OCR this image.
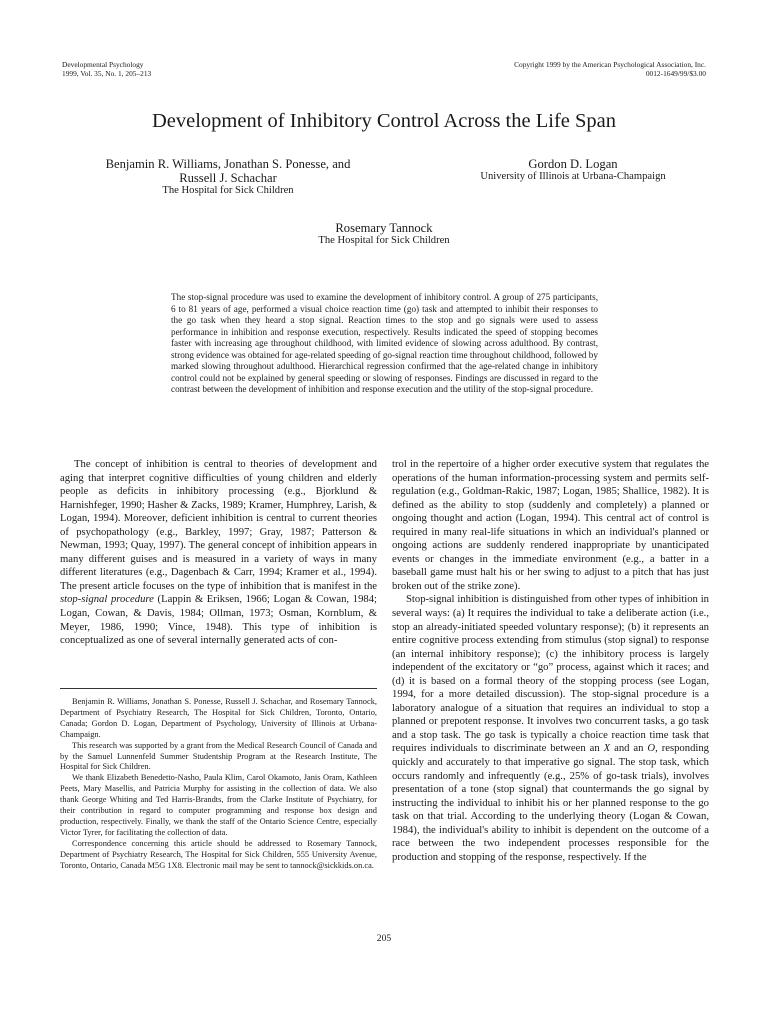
Developmental Psychology
1999, Vol. 35, No. 1, 205–213
Copyright 1999 by the American Psychological Association, Inc.
0012-1649/99/$3.00
Development of Inhibitory Control Across the Life Span
Benjamin R. Williams, Jonathan S. Ponesse, and
Russell J. Schachar
The Hospital for Sick Children
Gordon D. Logan
University of Illinois at Urbana-Champaign
Rosemary Tannock
The Hospital for Sick Children
The stop-signal procedure was used to examine the development of inhibitory control. A group of 275 participants, 6 to 81 years of age, performed a visual choice reaction time (go) task and attempted to inhibit their responses to the go task when they heard a stop signal. Reaction times to the stop and go signals were used to assess performance in inhibition and response execution, respectively. Results indicated the speed of stopping becomes faster with increasing age throughout childhood, with limited evidence of slowing across adulthood. By contrast, strong evidence was obtained for age-related speeding of go-signal reaction time throughout childhood, followed by marked slowing throughout adulthood. Hierarchical regression confirmed that the age-related change in inhibitory control could not be explained by general speeding or slowing of responses. Findings are discussed in regard to the contrast between the development of inhibition and response execution and the utility of the stop-signal procedure.

The concept of inhibition is central to theories of development and aging that interpret cognitive difficulties of young children and elderly people as deficits in inhibitory processing (e.g., Bjorklund & Harnishfeger, 1990; Hasher & Zacks, 1989; Kramer, Humphrey, Larish, & Logan, 1994). Moreover, deficient inhibition is central to current theories of psychopathology (e.g., Barkley, 1997; Gray, 1987; Patterson & Newman, 1993; Quay, 1997). The general concept of inhibition appears in many different guises and is measured in a variety of ways in many different literatures (e.g., Dagenbach & Carr, 1994; Kramer et al., 1994). The present article focuses on the type of inhibition that is manifest in the stop-signal procedure (Lappin & Eriksen, 1966; Logan & Cowan, 1984; Logan, Cowan, & Davis, 1984; Ollman, 1973; Osman, Kornblum, & Meyer, 1986, 1990; Vince, 1948). This type of inhibition is conceptualized as one of several internally generated acts of con-

Benjamin R. Williams, Jonathan S. Ponesse, Russell J. Schachar, and Rosemary Tannock, Department of Psychiatry Research, The Hospital for Sick Children, Toronto, Ontario, Canada; Gordon D. Logan, Department of Psychology, University of Illinois at Urbana-Champaign.

This research was supported by a grant from the Medical Research Council of Canada and by the Samuel Lunnenfeld Summer Studentship Program at the Research Institute, The Hospital for Sick Children.

We thank Elizabeth Benedetto-Nasho, Paula Klim, Carol Okamoto, Janis Oram, Kathleen Peets, Mary Masellis, and Patricia Murphy for assisting in the collection of data. We also thank George Whiting and Ted Harris-Brandts, from the Clarke Institute of Psychiatry, for their contribution in regard to computer programming and response box design and production, respectively. Finally, we thank the staff of the Ontario Science Centre, especially Victor Tyrer, for facilitating the collection of data.

Correspondence concerning this article should be addressed to Rosemary Tannock, Department of Psychiatry Research, The Hospital for Sick Children, 555 University Avenue, Toronto, Ontario, Canada M5G 1X8. Electronic mail may be sent to tannock@sickkids.on.ca.

trol in the repertoire of a higher order executive system that regulates the operations of the human information-processing system and permits self-regulation (e.g., Goldman-Rakic, 1987; Logan, 1985; Shallice, 1982). It is defined as the ability to stop (suddenly and completely) a planned or ongoing thought and action (Logan, 1994). This central act of control is required in many real-life situations in which an individual's planned or ongoing actions are suddenly rendered inappropriate by unanticipated events or changes in the immediate environment (e.g., a batter in a baseball game must halt his or her swing to adjust to a pitch that has just broken out of the strike zone).

Stop-signal inhibition is distinguished from other types of inhibition in several ways: (a) It requires the individual to take a deliberate action (i.e., stop an already-initiated speeded voluntary response); (b) it represents an entire cognitive process extending from stimulus (stop signal) to response (an internal inhibitory response); (c) the inhibitory process is largely independent of the excitatory or “go” process, against which it races; and (d) it is based on a formal theory of the stopping process (see Logan, 1994, for a more detailed discussion). The stop-signal procedure is a laboratory analogue of a situation that requires an individual to stop a planned or prepotent response. It involves two concurrent tasks, a go task and a stop task. The go task is typically a choice reaction time task that requires individuals to discriminate between an X and an O, responding quickly and accurately to that imperative go signal. The stop task, which occurs randomly and infrequently (e.g., 25% of go-task trials), involves presentation of a tone (stop signal) that countermands the go signal by instructing the individual to inhibit his or her planned response to the go task on that trial. According to the underlying theory (Logan & Cowan, 1984), the individual's ability to inhibit is dependent on the outcome of a race between the two independent processes responsible for the production and stopping of the response, respectively. If the

205
